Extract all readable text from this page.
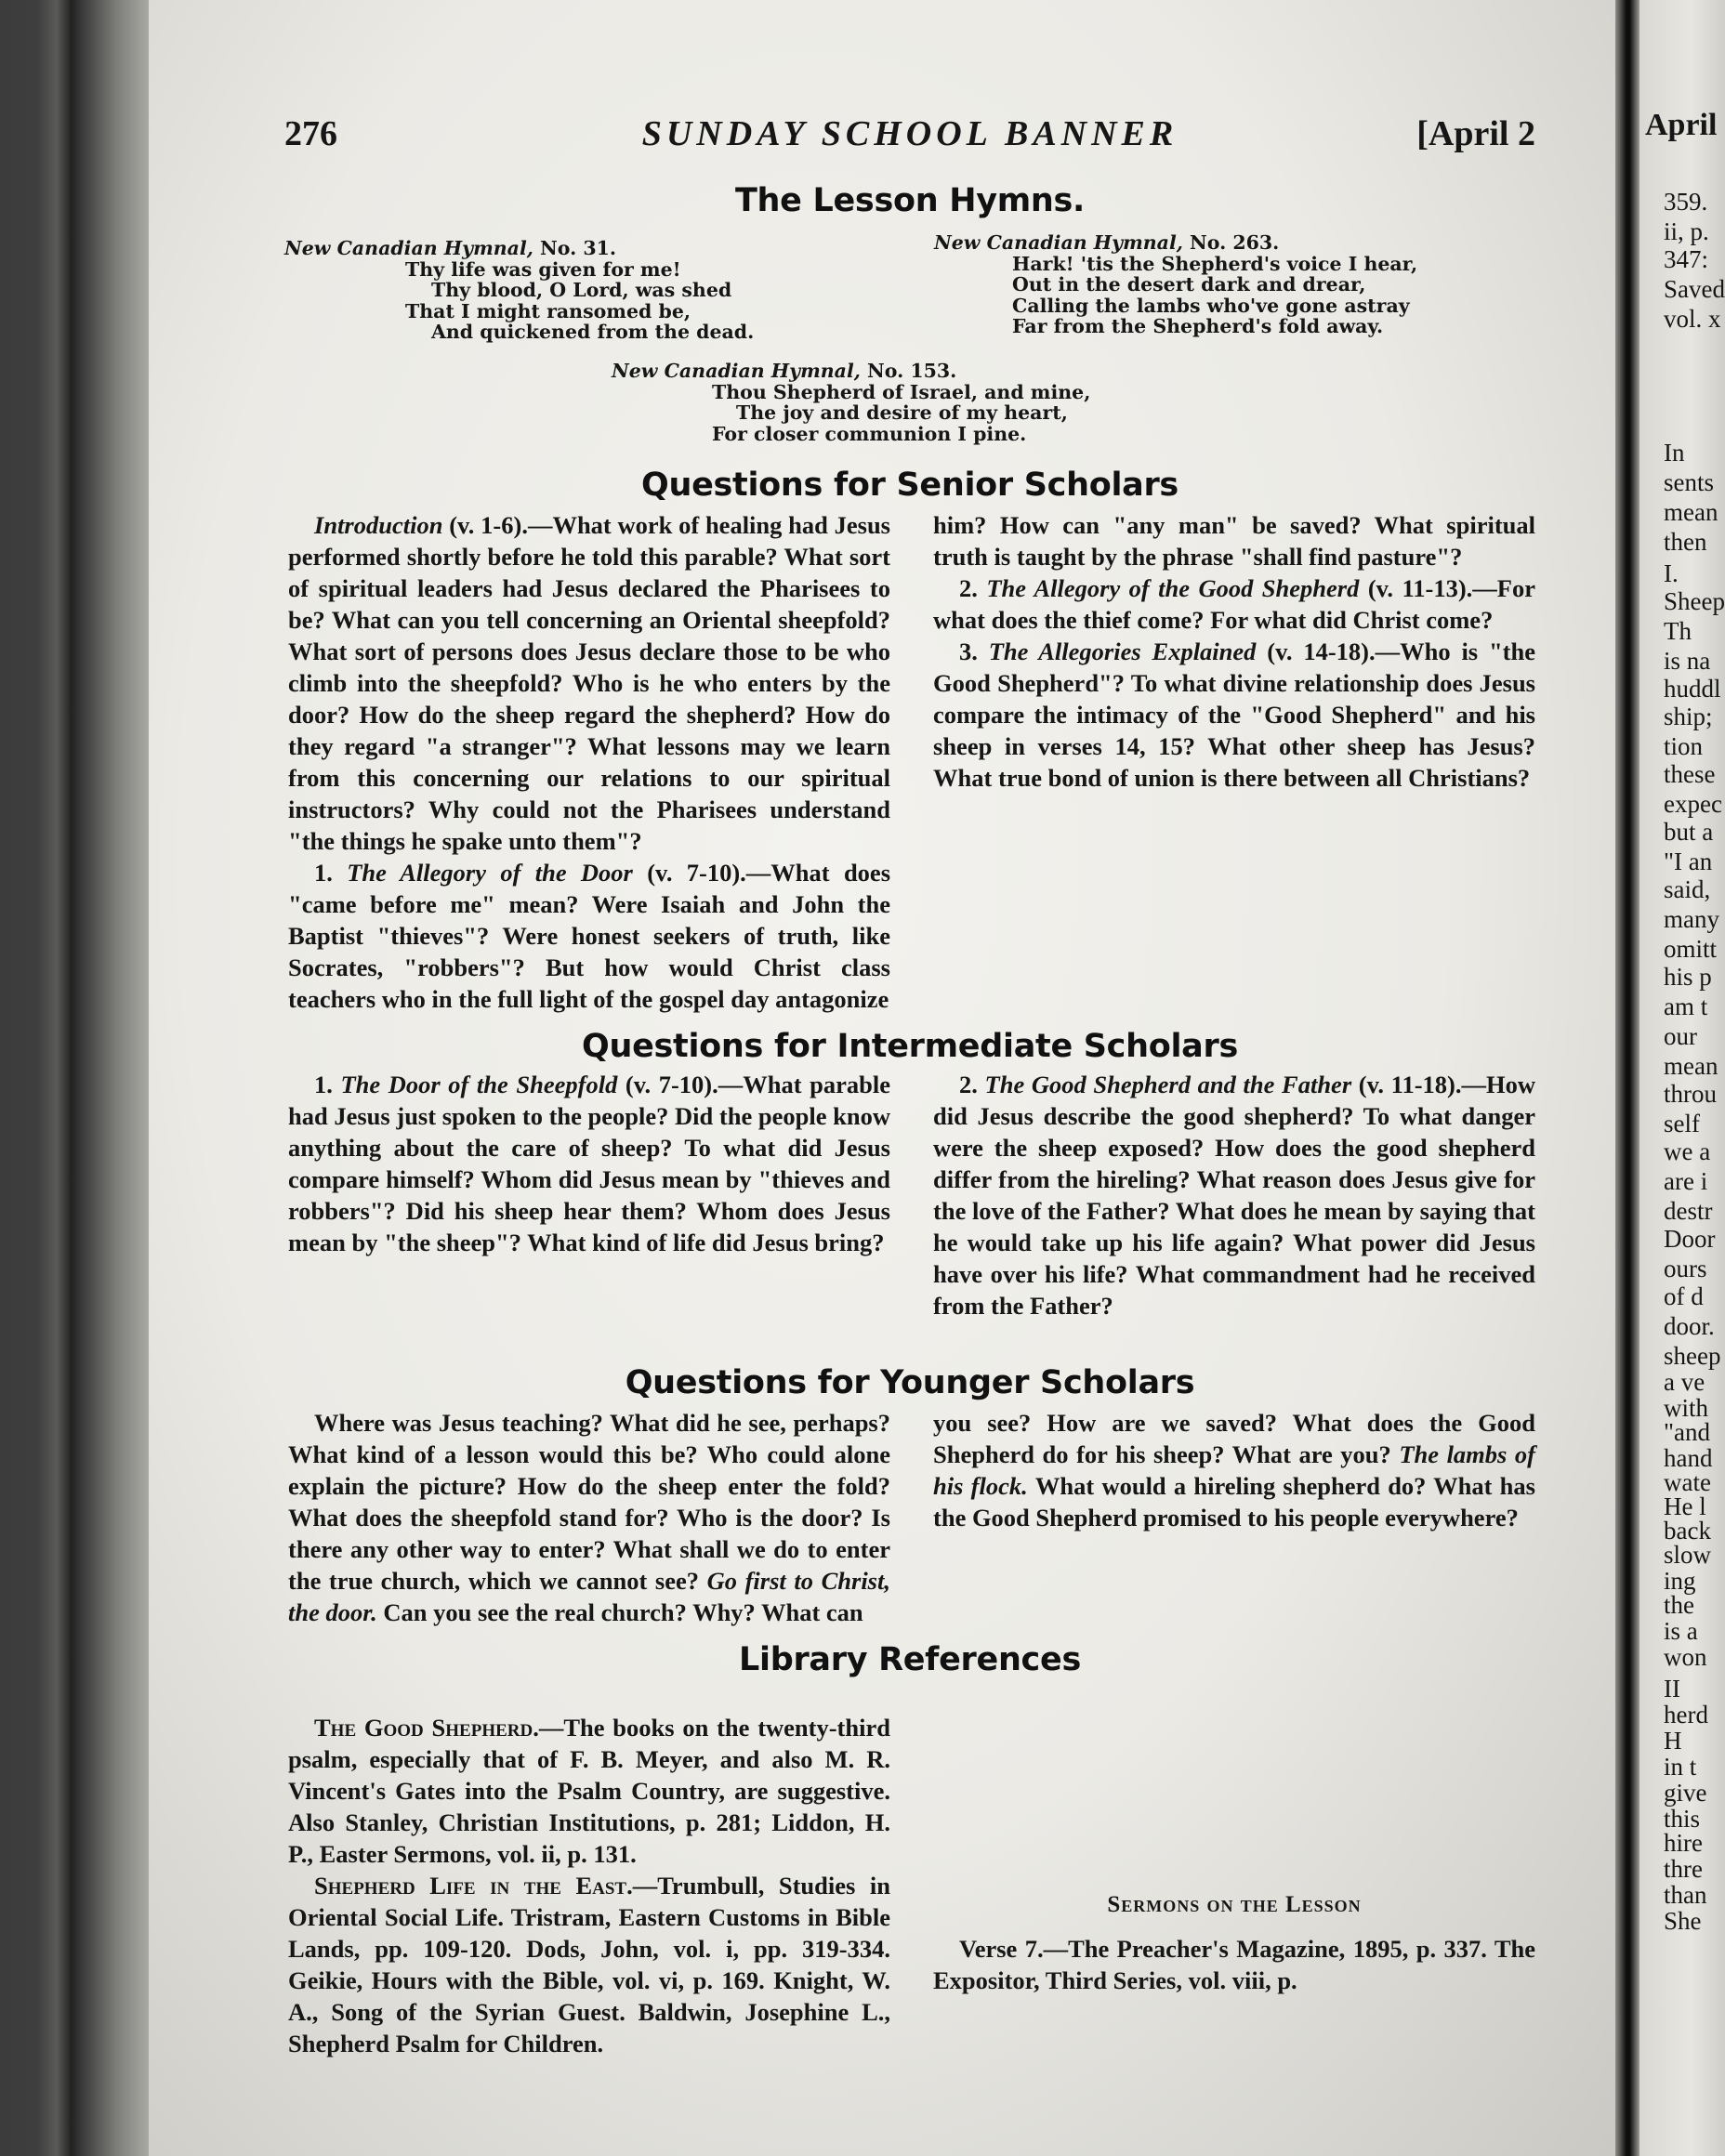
April
359.
ii, p.
347:
Saved
vol. x
In
sents
mean
then
I.
Sheep
Th
is na
huddl
ship;
tion
these
expec
but a
"I an
said,
many
omitt
his p
am t
our
mean
throu
self
we a
are i
destr
Door
ours
of d
door.
sheep
a ve
with
"and
hand
wate
He l
back
slow
ing
the
is a
won
II
herd
H
in t
give
this
hire
thre
than
She
276	SUNDAY SCHOOL BANNER	[April 2
The Lesson Hymns.
New Canadian Hymnal, No. 31.
Thy life was given for me!
Thy blood, O Lord, was shed
That I might ransomed be,
And quickened from the dead.
New Canadian Hymnal, No. 263.
Hark! 'tis the Shepherd's voice I hear,
Out in the desert dark and drear,
Calling the lambs who've gone astray
Far from the Shepherd's fold away.
New Canadian Hymnal, No. 153.
Thou Shepherd of Israel, and mine,
The joy and desire of my heart,
For closer communion I pine.
Questions for Senior Scholars

Introduction (v. 1-6).—What work of healing had Jesus performed shortly before he told this parable? What sort of spiritual leaders had Jesus declared the Pharisees to be? What can you tell concerning an Oriental sheepfold? What sort of persons does Jesus declare those to be who climb into the sheepfold? Who is he who enters by the door? How do the sheep regard the shepherd? How do they regard "a stranger"? What lessons may we learn from this concerning our relations to our spiritual instructors? Why could not the Pharisees understand "the things he spake unto them"?

1. The Allegory of the Door (v. 7-10).—What does "came before me" mean? Were Isaiah and John the Baptist "thieves"? Were honest seekers of truth, like Socrates, "robbers"? But how would Christ class teachers who in the full light of the gospel day antagonize

him? How can "any man" be saved? What spiritual truth is taught by the phrase "shall find pasture"?

2. The Allegory of the Good Shepherd (v. 11-13).—For what does the thief come? For what did Christ come?

3. The Allegories Explained (v. 14-18).—Who is "the Good Shepherd"? To what divine relationship does Jesus compare the intimacy of the "Good Shepherd" and his sheep in verses 14, 15? What other sheep has Jesus? What true bond of union is there between all Christians?

Questions for Intermediate Scholars

1. The Door of the Sheepfold (v. 7-10).—What parable had Jesus just spoken to the people? Did the people know anything about the care of sheep? To what did Jesus compare himself? Whom did Jesus mean by "thieves and robbers"? Did his sheep hear them? Whom does Jesus mean by "the sheep"? What kind of life did Jesus bring?

2. The Good Shepherd and the Father (v. 11-18).—How did Jesus describe the good shepherd? To what danger were the sheep exposed? How does the good shepherd differ from the hireling? What reason does Jesus give for the love of the Father? What does he mean by saying that he would take up his life again? What power did Jesus have over his life? What commandment had he received from the Father?

Questions for Younger Scholars

Where was Jesus teaching? What did he see, perhaps? What kind of a lesson would this be? Who could alone explain the picture? How do the sheep enter the fold? What does the sheepfold stand for? Who is the door? Is there any other way to enter? What shall we do to enter the true church, which we cannot see? Go first to Christ, the door. Can you see the real church? Why? What can

Library References

The Good Shepherd.—The books on the twenty-third psalm, especially that of F. B. Meyer, and also M. R. Vincent's Gates into the Psalm Country, are suggestive. Also Stanley, Christian Institutions, p. 281; Liddon, H. P., Easter Sermons, vol. ii, p. 131.

Shepherd Life in the East.—Trumbull, Studies in Oriental Social Life. Tristram, Eastern Customs in Bible Lands, pp. 109-120. Dods, John, vol. i, pp. 319-334. Geikie, Hours with the Bible, vol. vi, p. 169. Knight, W. A., Song of the Syrian Guest. Baldwin, Josephine L., Shepherd Psalm for Children.

Sermons on the Lesson

Verse 7.—The Preacher's Magazine, 1895, p. 337. The Expositor, Third Series, vol. viii, p.

you see? How are we saved? What does the Good Shepherd do for his sheep? What are you? The lambs of his flock. What would a hireling shepherd do? What has the Good Shepherd promised to his people everywhere?
